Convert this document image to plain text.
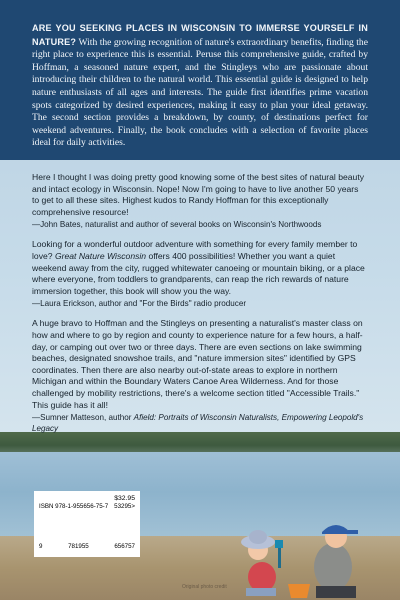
ARE YOU SEEKING PLACES IN WISCONSIN TO IMMERSE YOURSELF IN NATURE? With the growing recognition of nature's extraordinary benefits, finding the right place to experience this is essential. Peruse this comprehensive guide, crafted by Hoffman, a seasoned nature expert, and the Stingleys who are passionate about introducing their children to the natural world. This essential guide is designed to help nature enthusiasts of all ages and interests. The guide first identifies prime vacation spots categorized by desired experiences, making it easy to plan your ideal getaway. The second section provides a breakdown, by county, of destinations perfect for weekend adventures. Finally, the book concludes with a selection of favorite places ideal for daily activities.

Here I thought I was doing pretty good knowing some of the best sites of natural beauty and intact ecology in Wisconsin. Nope! Now I'm going to have to live another 50 years to get to all these sites. Highest kudos to Randy Hoffman for this exceptionally comprehensive resource!

—John Bates, naturalist and author of several books on Wisconsin's Northwoods

Looking for a wonderful outdoor adventure with something for every family member to love? Great Nature Wisconsin offers 400 possibilities! Whether you want a quiet weekend away from the city, rugged whitewater canoeing or mountain biking, or a place where everyone, from toddlers to grandparents, can reap the rich rewards of nature immersion together, this book will show you the way.

—Laura Erickson, author and "For the Birds" radio producer

A huge bravo to Hoffman and the Stingleys on presenting a naturalist's master class on how and where to go by region and county to experience nature for a few hours, a half-day, or camping out over two or three days. There are even sections on lake swimming beaches, designated snowshoe trails, and "nature immersion sites" identified by GPS coordinates. Then there are also nearby out-of-state areas to explore in northern Michigan and within the Boundary Waters Canoe Area Wilderness. And for those challenged by mobility restrictions, there's a welcome section titled "Accessible Trails." This guide has it all!

—Sumner Matteson, author Afield: Portraits of Wisconsin Naturalists, Empowering Leopold's Legacy

$32.95
ISBN 978-1-955656-75-7 53295>
9	781955	656757
Original photo credit
